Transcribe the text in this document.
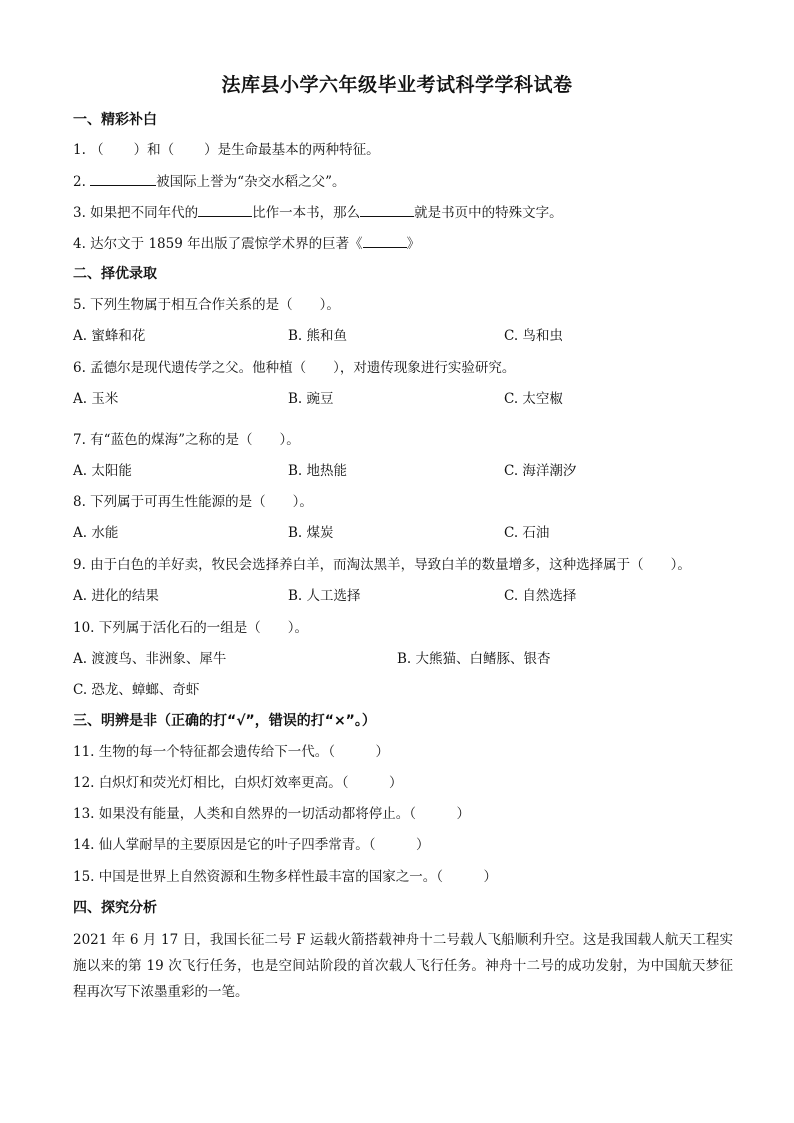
法库县小学六年级毕业考试科学学科试卷
一、精彩补白
1. （ ）和（ ）是生命最基本的两种特征。
2.	被国际上誉为“杂交水稻之父”。
3. 如果把不同年代的	比作一本书，那么	就是书页中的特殊文字。
4. 达尔文于 1859 年出版了震惊学术界的巨著《	》
二、择优录取
5. 下列生物属于相互合作关系的是（　　）。
A. 蜜蜂和花	B. 熊和鱼	C. 鸟和虫
6. 孟德尔是现代遗传学之父。他种植（　　），对遗传现象进行实验研究。
A. 玉米	B. 豌豆	C. 太空椒
7. 有“蓝色的煤海”之称的是（　　）。
A. 太阳能	B. 地热能	C. 海洋潮汐
8. 下列属于可再生性能源的是（　　）。
A. 水能	B. 煤炭	C. 石油
9. 由于白色的羊好卖，牧民会选择养白羊，而淘汰黑羊，导致白羊的数量增多，这种选择属于（　　）。
A. 进化的结果	B. 人工选择	C. 自然选择
10. 下列属于活化石的一组是（　　）。
A. 渡渡鸟、非洲象、犀牛	B. 大熊猫、白鳍豚、银杏
C. 恐龙、蟑螂、奇虾
三、明辨是非（正确的打“√”，错误的打“×”。）
11. 生物的每一个特征都会遗传给下一代。（　　　）
12. 白炽灯和荧光灯相比，白炽灯效率更高。（　　　）
13. 如果没有能量，人类和自然界的一切活动都将停止。（　　　）
14. 仙人掌耐旱的主要原因是它的叶子四季常青。（　　　）
15. 中国是世界上自然资源和生物多样性最丰富的国家之一。（　　　）
四、探究分析
2021 年 6 月 17 日，我国长征二号 F 运载火箭搭载神舟十二号载人飞船顺利升空。这是我国载人航天工程实施以来的第 19 次飞行任务，也是空间站阶段的首次载人飞行任务。神舟十二号的成功发射，为中国航天梦征程再次写下浓墨重彩的一笔。
